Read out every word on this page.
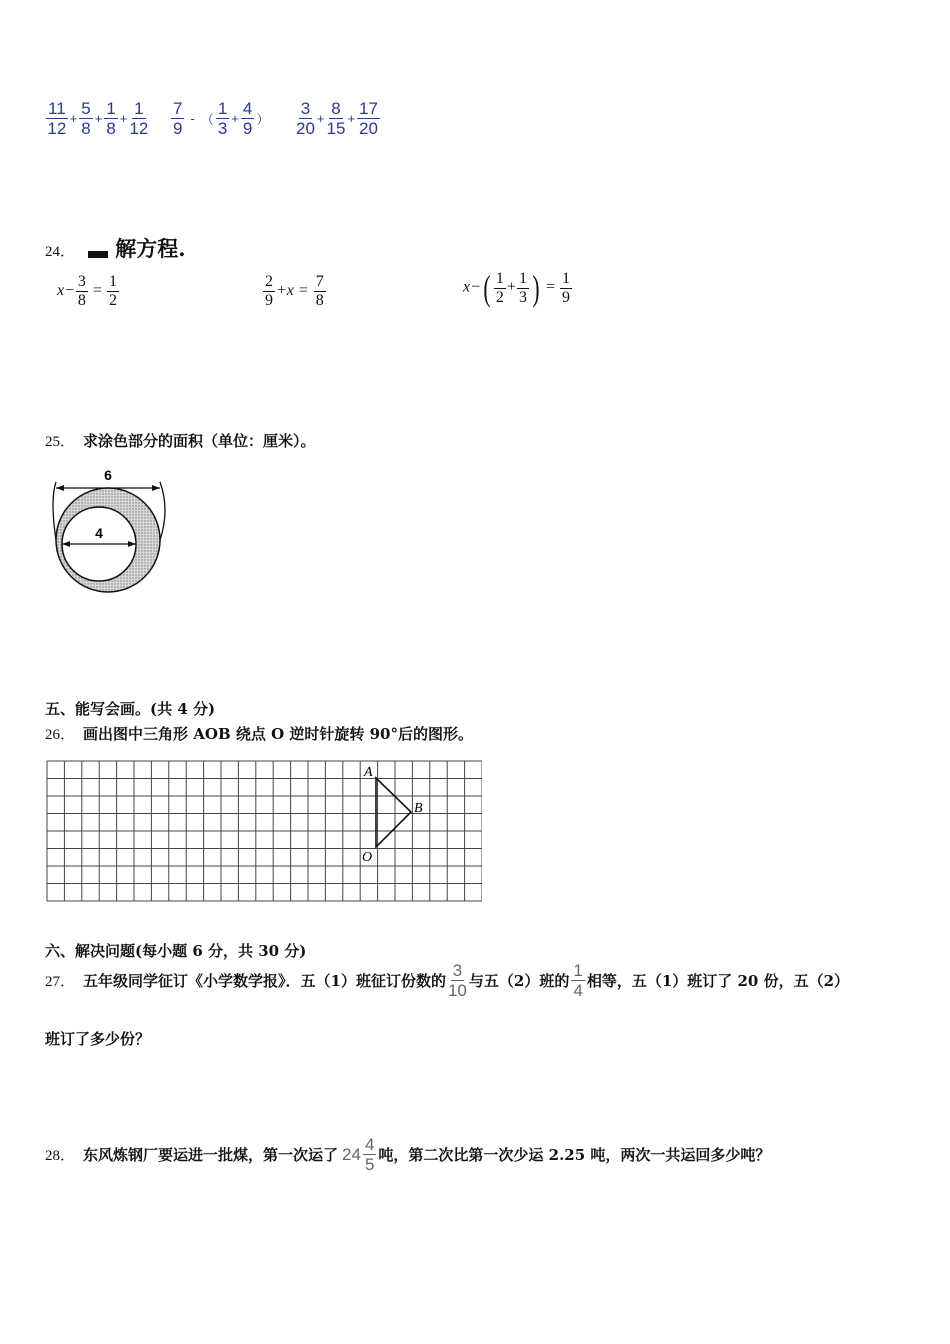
$\frac{11}{12} + \frac{5}{8} + \frac{1}{8} + \frac{1}{12} \frac{7}{9}$ - （ $\frac{1}{3} + \frac{4}{9}$ ） $\frac{3}{20} + \frac{8}{15} + \frac{17}{20}$
24． 解方程.
$x- \frac{3}{8} = \frac{1}{2}$	$\frac{2}{9} +x = \frac{7}{8}$	$x-( \frac{1}{2} + \frac{1}{3}$ ) = $\frac{1}{9}$
25． 求涂色部分的面积（单位：厘米）。
6
4
五、能写会画。(共 4 分)
26． 画出图中三角形 AOB 绕点 O 逆时针旋转 90°后的图形。
A
B
O
六、解决问题(每小题 6 分，共 30 分)
27． 五年级同学征订《小学数学报》．五（1）班征订份数的 $\frac{3}{10}$ 与五（2）班的 $\frac{1}{4}$ 相等，五（1）班订了 20 份，五（2）
班订了多少份？
28． 东风炼钢厂要运进一批煤，第一次运了 $24 \frac{4}{5}$ 吨，第二次比第一次少运 2.25 吨，两次一共运回多少吨？
